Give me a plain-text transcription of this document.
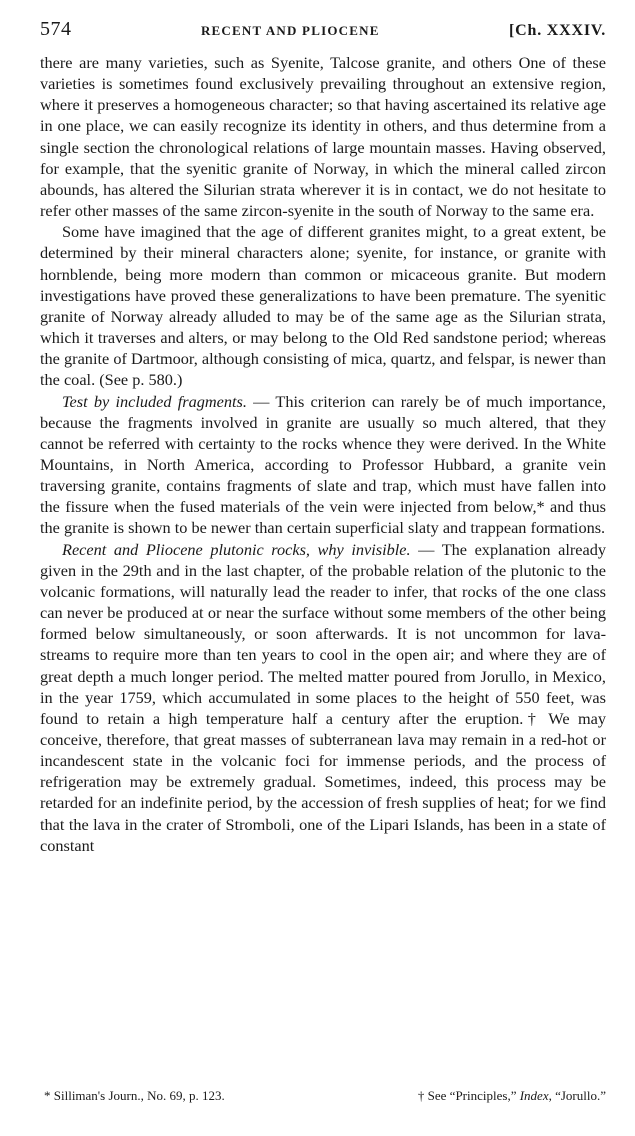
574	RECENT AND PLIOCENE	[Ch. XXXIV.

there are many varieties, such as Syenite, Talcose granite, and others One of these varieties is sometimes found exclusively prevailing throughout an extensive region, where it preserves a homogeneous character; so that having ascertained its relative age in one place, we can easily recognize its identity in others, and thus determine from a single section the chronological relations of large mountain masses. Having observed, for example, that the syenitic granite of Norway, in which the mineral called zircon abounds, has altered the Silurian strata wherever it is in contact, we do not hesitate to refer other masses of the same zircon-syenite in the south of Norway to the same era.

Some have imagined that the age of different granites might, to a great extent, be determined by their mineral characters alone; syenite, for instance, or granite with hornblende, being more modern than common or micaceous granite. But modern investigations have proved these generalizations to have been premature. The syenitic granite of Norway already alluded to may be of the same age as the Silurian strata, which it traverses and alters, or may belong to the Old Red sandstone period; whereas the granite of Dartmoor, although consisting of mica, quartz, and felspar, is newer than the coal. (See p. 580.)

Test by included fragments. — This criterion can rarely be of much importance, because the fragments involved in granite are usually so much altered, that they cannot be referred with certainty to the rocks whence they were derived. In the White Mountains, in North America, according to Professor Hubbard, a granite vein traversing granite, contains fragments of slate and trap, which must have fallen into the fissure when the fused materials of the vein were injected from below,* and thus the granite is shown to be newer than certain superficial slaty and trappean formations.

Recent and Pliocene plutonic rocks, why invisible. — The explanation already given in the 29th and in the last chapter, of the probable relation of the plutonic to the volcanic formations, will naturally lead the reader to infer, that rocks of the one class can never be produced at or near the surface without some members of the other being formed below simultaneously, or soon afterwards. It is not uncommon for lava-streams to require more than ten years to cool in the open air; and where they are of great depth a much longer period. The melted matter poured from Jorullo, in Mexico, in the year 1759, which accumulated in some places to the height of 550 feet, was found to retain a high temperature half a century after the eruption.† We may conceive, therefore, that great masses of subterranean lava may remain in a red-hot or incandescent state in the volcanic foci for immense periods, and the process of refrigeration may be extremely gradual. Sometimes, indeed, this process may be retarded for an indefinite period, by the accession of fresh supplies of heat; for we find that the lava in the crater of Stromboli, one of the Lipari Islands, has been in a state of constant

* Silliman's Journ., No. 69, p. 123.	† See “Principles,” Index, “Jorullo.”
